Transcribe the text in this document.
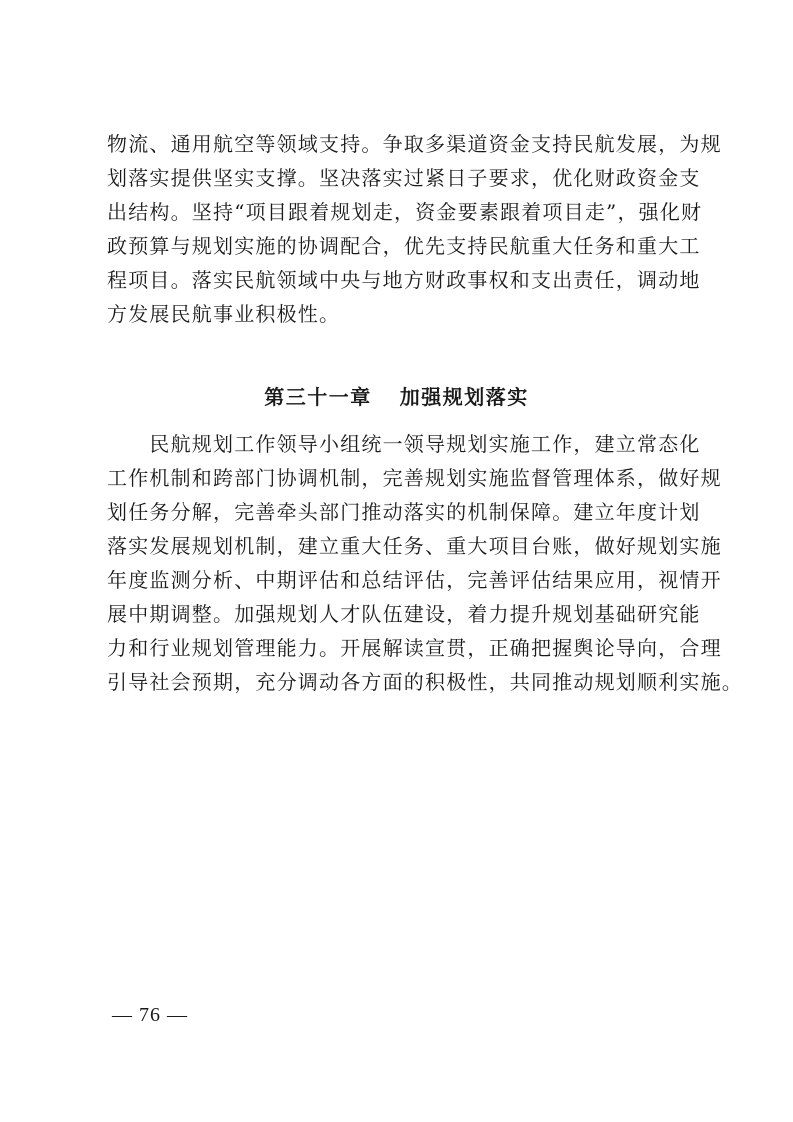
物流、通用航空等领域支持。争取多渠道资金支持民航发展，为规
划落实提供坚实支撑。坚决落实过紧日子要求，优化财政资金支
出结构。坚持“项目跟着规划走，资金要素跟着项目走”，强化财
政预算与规划实施的协调配合，优先支持民航重大任务和重大工
程项目。落实民航领域中央与地方财政事权和支出责任，调动地
方发展民航事业积极性。
第三十一章 加强规划落实
　　民航规划工作领导小组统一领导规划实施工作，建立常态化
工作机制和跨部门协调机制，完善规划实施监督管理体系，做好规
划任务分解，完善牵头部门推动落实的机制保障。建立年度计划
落实发展规划机制，建立重大任务、重大项目台账，做好规划实施
年度监测分析、中期评估和总结评估，完善评估结果应用，视情开
展中期调整。加强规划人才队伍建设，着力提升规划基础研究能
力和行业规划管理能力。开展解读宣贯，正确把握舆论导向，合理
引导社会预期，充分调动各方面的积极性，共同推动规划顺利实施。
— 76 —
